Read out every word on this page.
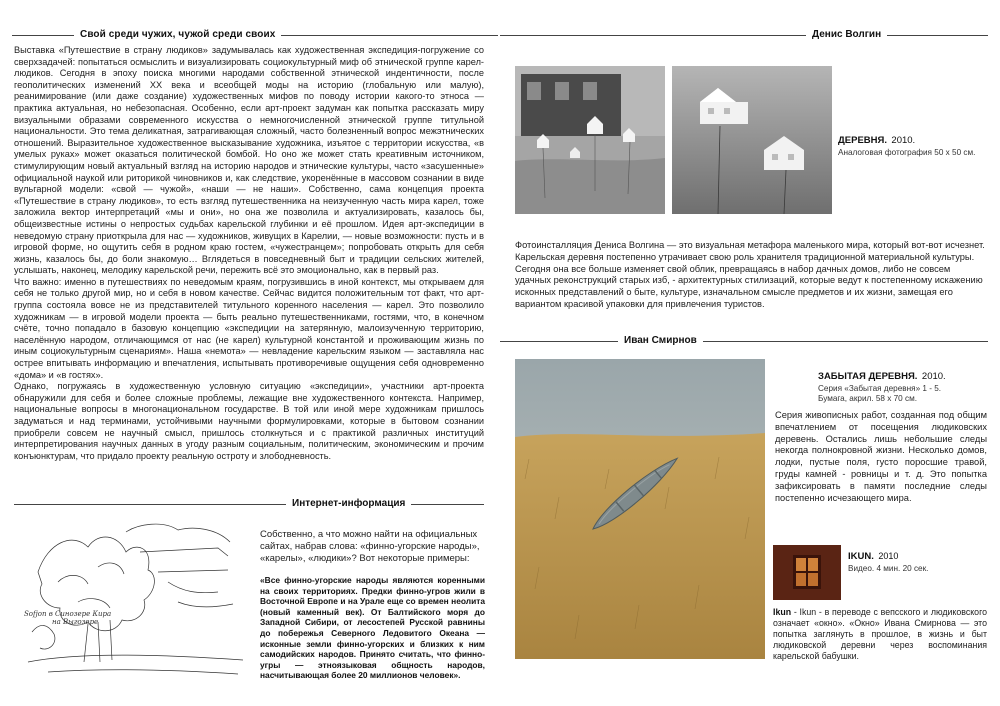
Свой среди чужих, чужой среди своих	Денис Волгин
Выставка «Путешествие в страну людиков» задумывалась как художественная экспедиция-погружение со сверхзадачей: попытаться осмыслить и визуализировать социокультурный миф об этнической группе карел-людиков. Сегодня в эпоху поиска многими народами собственной этнической индентичности, после геополитических изменений XX века и всеобщей моды на историю (глобальную или малую), реанимирование (или даже создание) художественных мифов по поводу истории какого-то этноса — практика актуальная, но небезопасная. Особенно, если арт-проект задуман как попытка рассказать миру визуальными образами современного искусства о немногочисленной этнической группе титульной национальности. Это тема деликатная, затрагивающая сложный, часто болезненный вопрос межэтнических отношений. Выразительное художественное высказывание художника, изъятое с территории искусства, «в умелых руках» может оказаться политической бомбой. Но оно же может стать креативным источником, стимулирующим новый актуальный взгляд на историю народов и этнические культуры, часто «засушенные» официальной наукой или риторикой чиновников и, как следствие, укоренённые в массовом сознании в виде вульгарной модели: «свой — чужой», «наши — не наши». Собственно, сама концепция проекта «Путешествие в страну людиков», то есть взгляд путешественника на неизученную часть мира карел, тоже заложила вектор интерпретаций «мы и они», но она же позволила и актуализировать, казалось бы, общеизвестные истины о непростых судьбах карельской глубинки и её прошлом. Идея арт-экспедиции в неведомую страну приоткрыла для нас — художников, живущих в Карелии, — новые возможности: пусть и в игровой форме, но ощутить себя в родном краю гостем, «чужестранцем»; попробовать открыть для себя жизнь, казалось бы, до боли знакомую… Вглядеться в повседневный быт и традиции сельских жителей, услышать, наконец, мелодику карельской речи, пережить всё это эмоционально, как в первый раз.
Что важно: именно в путешествиях по неведомым краям, погрузившись в иной контекст, мы открываем для себя не только другой мир, но и себя в новом качестве. Сейчас видится положительным тот факт, что арт-группа состояла вовсе не из представителей титульного коренного населения — карел. Это позволило художникам — в игровой модели проекта — быть реально путешественниками, гостями, что, в конечном счёте, точно попадало в базовую концепцию «экспедиции на затерянную, малоизученную территорию, населённую народом, отличающимся от нас (не карел) культурной константой и проживающим жизнь по иным социокультурным сценариям». Наша «немота» — невладение карельским языком — заставляла нас острее впитывать информацию и впечатления, испытывать противоречивые ощущения себя одновременно «дома» и «в гостях».
Однако, погружаясь в художественную условную ситуацию «экспедиции», участники арт-проекта обнаружили для себя и более сложные проблемы, лежащие вне художественного контекста. Например, национальные вопросы в многонациональном государстве. В той или иной мере художникам пришлось задуматься и над терминами, устойчивыми научными формулировками, которые в бытовом сознании приобрели совсем не научный смысл, пришлось столкнуться и с практикой различных институций интерпретирования научных данных в угоду разным социальным, политическим, экономическим и прочим конъюнктурам, что придало проекту реальную остроту и злободневность.
Интернет-информация
Sofjon в Синозере Кира
на Выгозере
Собственно, а что можно найти на официальных сайтах, набрав слова: «финно-угорские народы», «карелы», «людики»? Вот некоторые примеры:
«Все финно-угорские народы являются коренными на своих территориях. Предки финно-угров жили в Восточной Европе и на Урале еще со времен неолита (новый каменный век). От Балтийского моря до Западной Сибири, от лесостепей Русской равнины до побережья Северного Ледовитого Океана — исконные земли финно-угорских и близких к ним самодийских народов. Принято считать, что финно-угры — этноязыковая общность народов, насчитывающая более 20 миллионов человек».
ДЕРЕВНЯ. 2010.
Аналоговая фотография 50 х 50 см.
Фотоинсталляция Дениса Волгина — это визуальная метафора маленького мира, который вот-вот исчезнет. Карельская деревня постепенно утрачивает свою роль хранителя традиционной материальной культуры. Сегодня она все больше изменяет свой облик, превращаясь в набор дачных домов, либо не совсем удачных реконструкций старых изб, - архитектурных стилизаций, которые ведут к постепенному искажению исконных представлений о быте, культуре, изначальном смысле предметов и их жизни, замещая его вариантом красивой упаковки для привлечения туристов.
Иван Смирнов
ЗАБЫТАЯ ДЕРЕВНЯ. 2010.
Серия «Забытая деревня» 1 - 5.
Бумага, акрил. 58 х 70 см.
Серия живописных работ, созданная под общим впечатлением от посещения людиковских деревень. Остались лишь небольшие следы некогда полнокровной жизни. Несколько домов, лодки, пустые поля, густо поросшие травой, груды камней - ровницы и т. д. Это попытка зафиксировать в памяти последние следы постепенно исчезающего мира.
IKUN. 2010
Видео. 4 мин. 20 сек.
Ikun - Ikun - в переводе с вепсского и людиковского означает «окно». «Окно» Ивана Смирнова — это попытка заглянуть в прошлое, в жизнь и быт людиковской деревни через воспоминания карельской бабушки.
